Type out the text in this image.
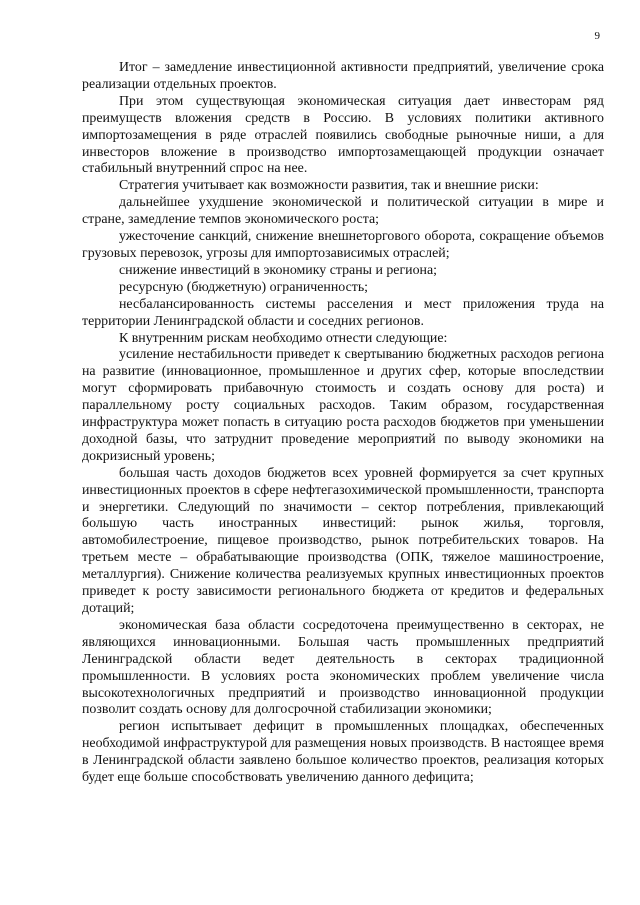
9

Итог – замедление инвестиционной активности предприятий, увеличение срока реализации отдельных проектов.

При этом существующая экономическая ситуация дает инвесторам ряд преимуществ вложения средств в Россию. В условиях политики активного импортозамещения в ряде отраслей появились свободные рыночные ниши, а для инвесторов вложение в производство импортозамещающей продукции означает стабильный внутренний спрос на нее.

Стратегия учитывает как возможности развития, так и внешние риски:

дальнейшее ухудшение экономической и политической ситуации в мире и стране, замедление темпов экономического роста;

ужесточение санкций, снижение внешнеторгового оборота, сокращение объемов грузовых перевозок, угрозы для импортозависимых отраслей;

снижение инвестиций в экономику страны и региона;

ресурсную (бюджетную) ограниченность;

несбалансированность системы расселения и мест приложения труда на территории Ленинградской области и соседних регионов.

К внутренним рискам необходимо отнести следующие:

усиление нестабильности приведет к свертыванию бюджетных расходов региона на развитие (инновационное, промышленное и других сфер, которые впоследствии могут сформировать прибавочную стоимость и создать основу для роста) и параллельному росту социальных расходов. Таким образом, государственная инфраструктура может попасть в ситуацию роста расходов бюджетов при уменьшении доходной базы, что затруднит проведение мероприятий по выводу экономики на докризисный уровень;

большая часть доходов бюджетов всех уровней формируется за счет крупных инвестиционных проектов в сфере нефтегазохимической промышленности, транспорта и энергетики. Следующий по значимости – сектор потребления, привлекающий большую часть иностранных инвестиций: рынок жилья, торговля, автомобилестроение, пищевое производство, рынок потребительских товаров. На третьем месте – обрабатывающие производства (ОПК, тяжелое машиностроение, металлургия). Снижение количества реализуемых крупных инвестиционных проектов приведет к росту зависимости регионального бюджета от кредитов и федеральных дотаций;

экономическая база области сосредоточена преимущественно в секторах, не являющихся инновационными. Большая часть промышленных предприятий Ленинградской области ведет деятельность в секторах традиционной промышленности. В условиях роста экономических проблем увеличение числа высокотехнологичных предприятий и производство инновационной продукции позволит создать основу для долгосрочной стабилизации экономики;

регион испытывает дефицит в промышленных площадках, обеспеченных необходимой инфраструктурой для размещения новых производств. В настоящее время в Ленинградской области заявлено большое количество проектов, реализация которых будет еще больше способствовать увеличению данного дефицита;
